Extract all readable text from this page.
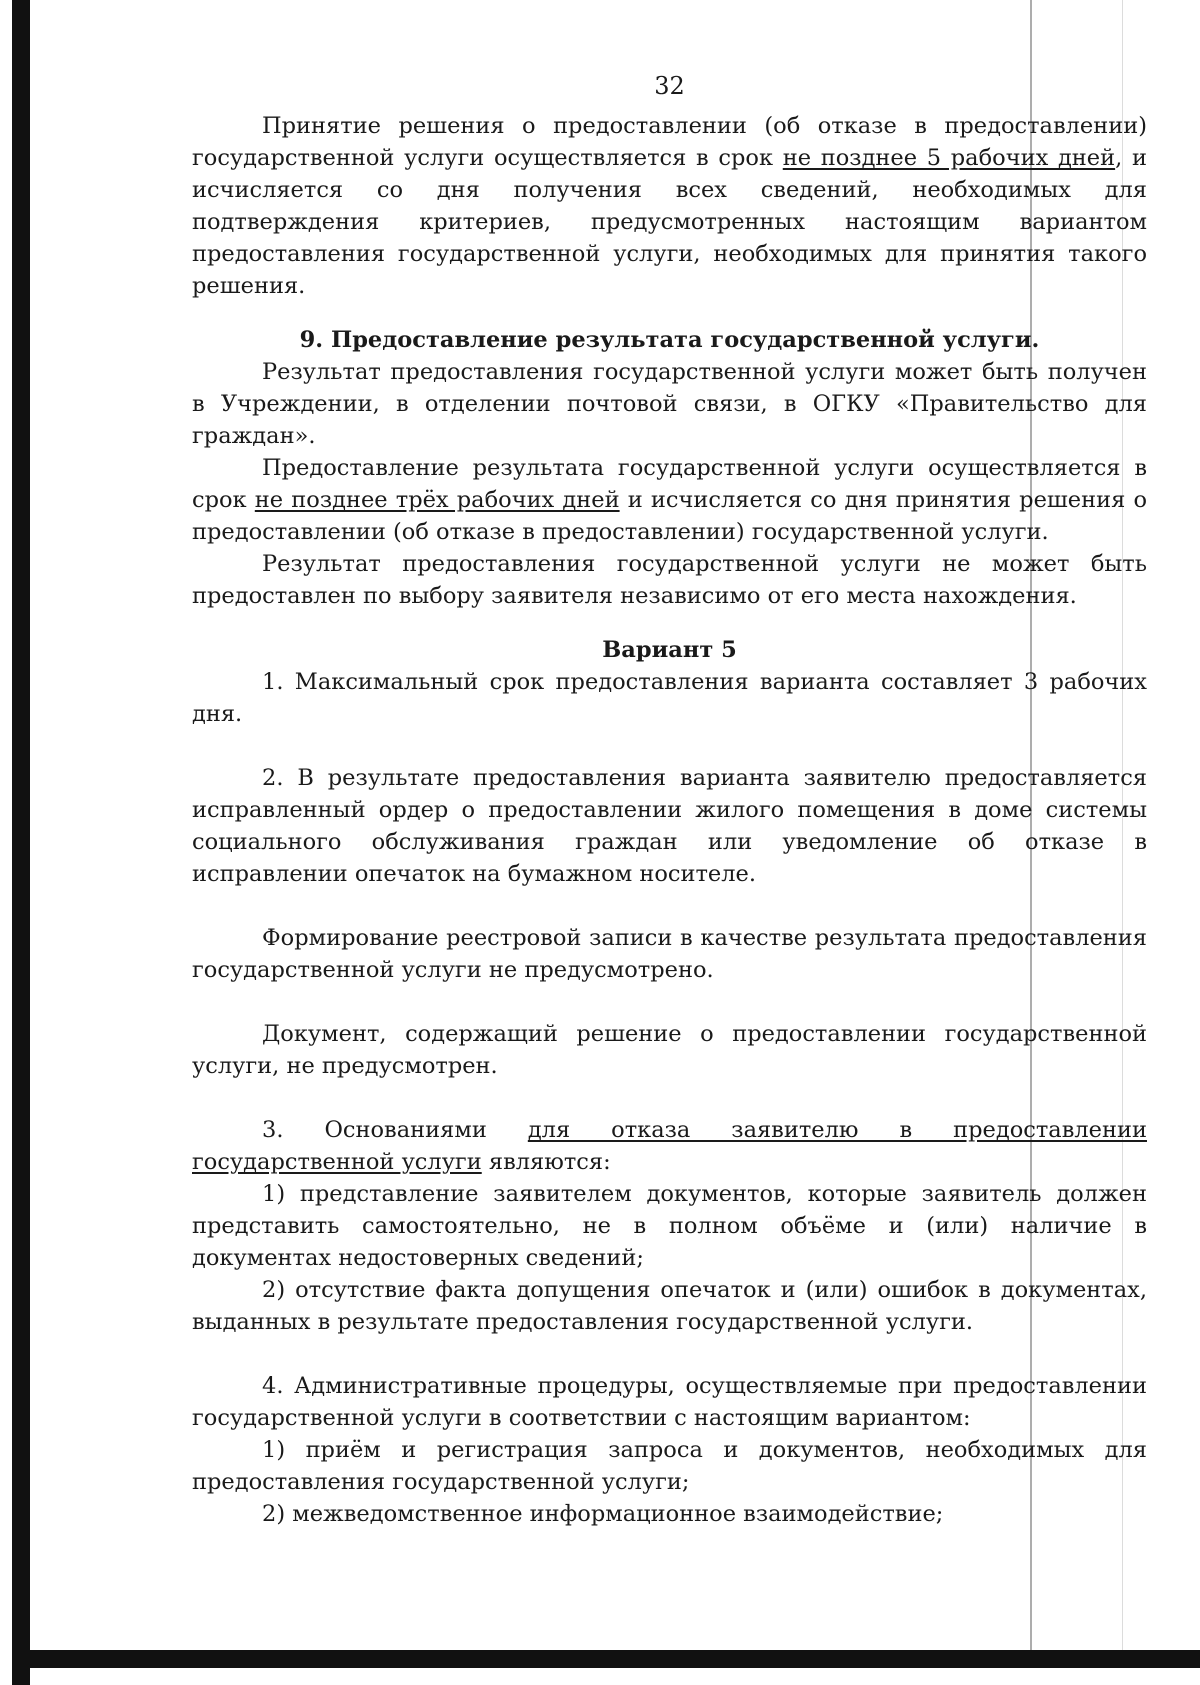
32

Принятие решения о предоставлении (об отказе в предоставлении) государственной услуги осуществляется в срок не позднее 5 рабочих дней, и исчисляется со дня получения всех сведений, необходимых для подтверждения критериев, предусмотренных настоящим вариантом предоставления государственной услуги, необходимых для принятия такого решения.

9. Предоставление результата государственной услуги.

Результат предоставления государственной услуги может быть получен в Учреждении, в отделении почтовой связи, в ОГКУ «Правительство для граждан».

Предоставление результата государственной услуги осуществляется в срок не позднее трёх рабочих дней и исчисляется со дня принятия решения о предоставлении (об отказе в предоставлении) государственной услуги.

Результат предоставления государственной услуги не может быть предоставлен по выбору заявителя независимо от его места нахождения.

Вариант 5

1. Максимальный срок предоставления варианта составляет 3 рабочих дня.

2. В результате предоставления варианта заявителю предоставляется исправленный ордер о предоставлении жилого помещения в доме системы социального обслуживания граждан или уведомление об отказе в исправлении опечаток на бумажном носителе.

Формирование реестровой записи в качестве результата предоставления государственной услуги не предусмотрено.

Документ, содержащий решение о предоставлении государственной услуги, не предусмотрен.

3. Основаниями для отказа заявителю в предоставлении государственной услуги являются:

1) представление заявителем документов, которые заявитель должен представить самостоятельно, не в полном объёме и (или) наличие в документах недостоверных сведений;

2) отсутствие факта допущения опечаток и (или) ошибок в документах, выданных в результате предоставления государственной услуги.

4. Административные процедуры, осуществляемые при предоставлении государственной услуги в соответствии с настоящим вариантом:

1) приём и регистрация запроса и документов, необходимых для предоставления государственной услуги;

2) межведомственное информационное взаимодействие;
